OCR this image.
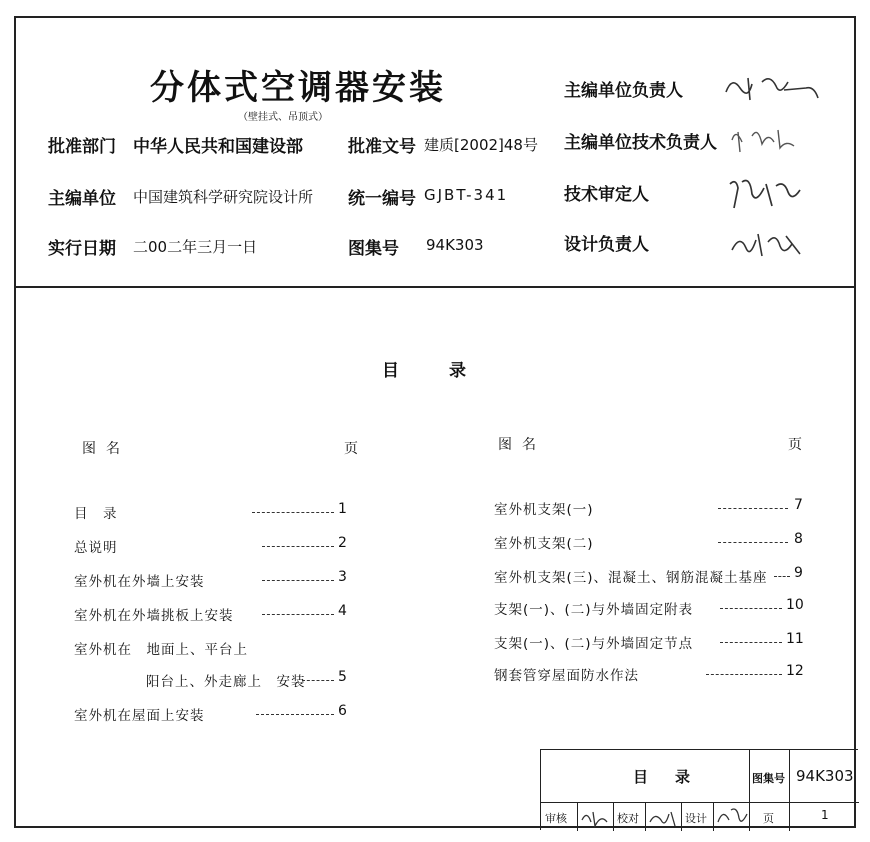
分体式空调器安装
（壁挂式、吊顶式）
批准部门 中华人民共和国建设部	批准文号 建质[2002]48号
主编单位 中国建筑科学研究院设计所 统一编号 GJBT-341
实行日期 二00二年三月一日	图集号 94K303
主编单位负责人
主编单位技术负责人
技术审定人
设计负责人
目录
图名	页	图名	页
目　录	1
总说明	2
室外机在外墙上安装	3
室外机在外墙挑板上安装	4
室外机在　地面上、平台上
阳台上、外走廊上　安装 5
室外机在屋面上安装	6
室外机支架(一)	7
室外机支架(二)	8
室外机支架(三)、混凝土、钢筋混凝土基座 9
支架(一)、(二)与外墙固定附表	10
支架(一)、(二)与外墙固定节点	11
钢套管穿屋面防水作法	12
目　录	图集号 94K303
审核	校对	设计	页	1
